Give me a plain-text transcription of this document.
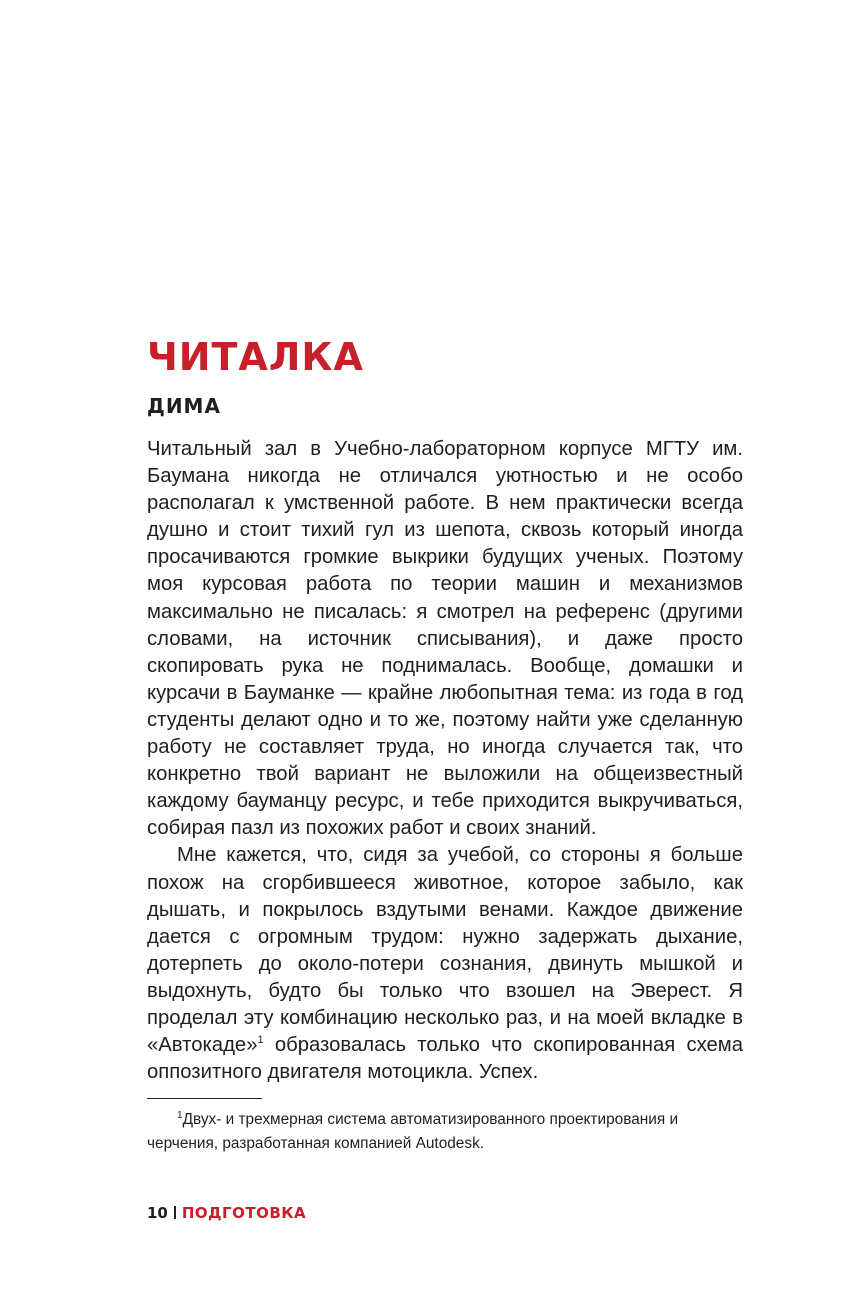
ЧИТАЛКА
ДИМА

Читальный зал в Учебно-лабораторном корпусе МГТУ им. Баумана никогда не отличался уютностью и не особо располагал к умственной работе. В нем практически всегда душно и стоит тихий гул из шепота, сквозь который иногда просачиваются громкие выкрики будущих ученых. Поэтому моя курсовая работа по теории машин и механизмов максимально не писалась: я смотрел на референс (другими словами, на источник списывания), и даже просто скопировать рука не поднималась. Вообще, домашки и курсачи в Бауманке — крайне любопытная тема: из года в год студенты делают одно и то же, поэтому найти уже сделанную работу не составляет труда, но иногда случается так, что конкретно твой вариант не выложили на общеизвестный каждому бауманцу ресурс, и тебе приходится выкручиваться, собирая пазл из похожих работ и своих знаний.

Мне кажется, что, сидя за учебой, со стороны я больше похож на сгорбившееся животное, которое забыло, как дышать, и покрылось вздутыми венами. Каждое движение дается с огромным трудом: нужно задержать дыхание, дотерпеть до около-потери сознания, двинуть мышкой и выдохнуть, будто бы только что взошел на Эверест. Я проделал эту комбинацию несколько раз, и на моей вкладке в «Автокаде»$^1$ образовалась только что скопированная схема оппозитного двигателя мотоцикла. Успех.

$^1$Двух- и трехмерная система автоматизированного проектирования и черчения, разработанная компанией Autodesk.

10 ПОДГОТОВКА
